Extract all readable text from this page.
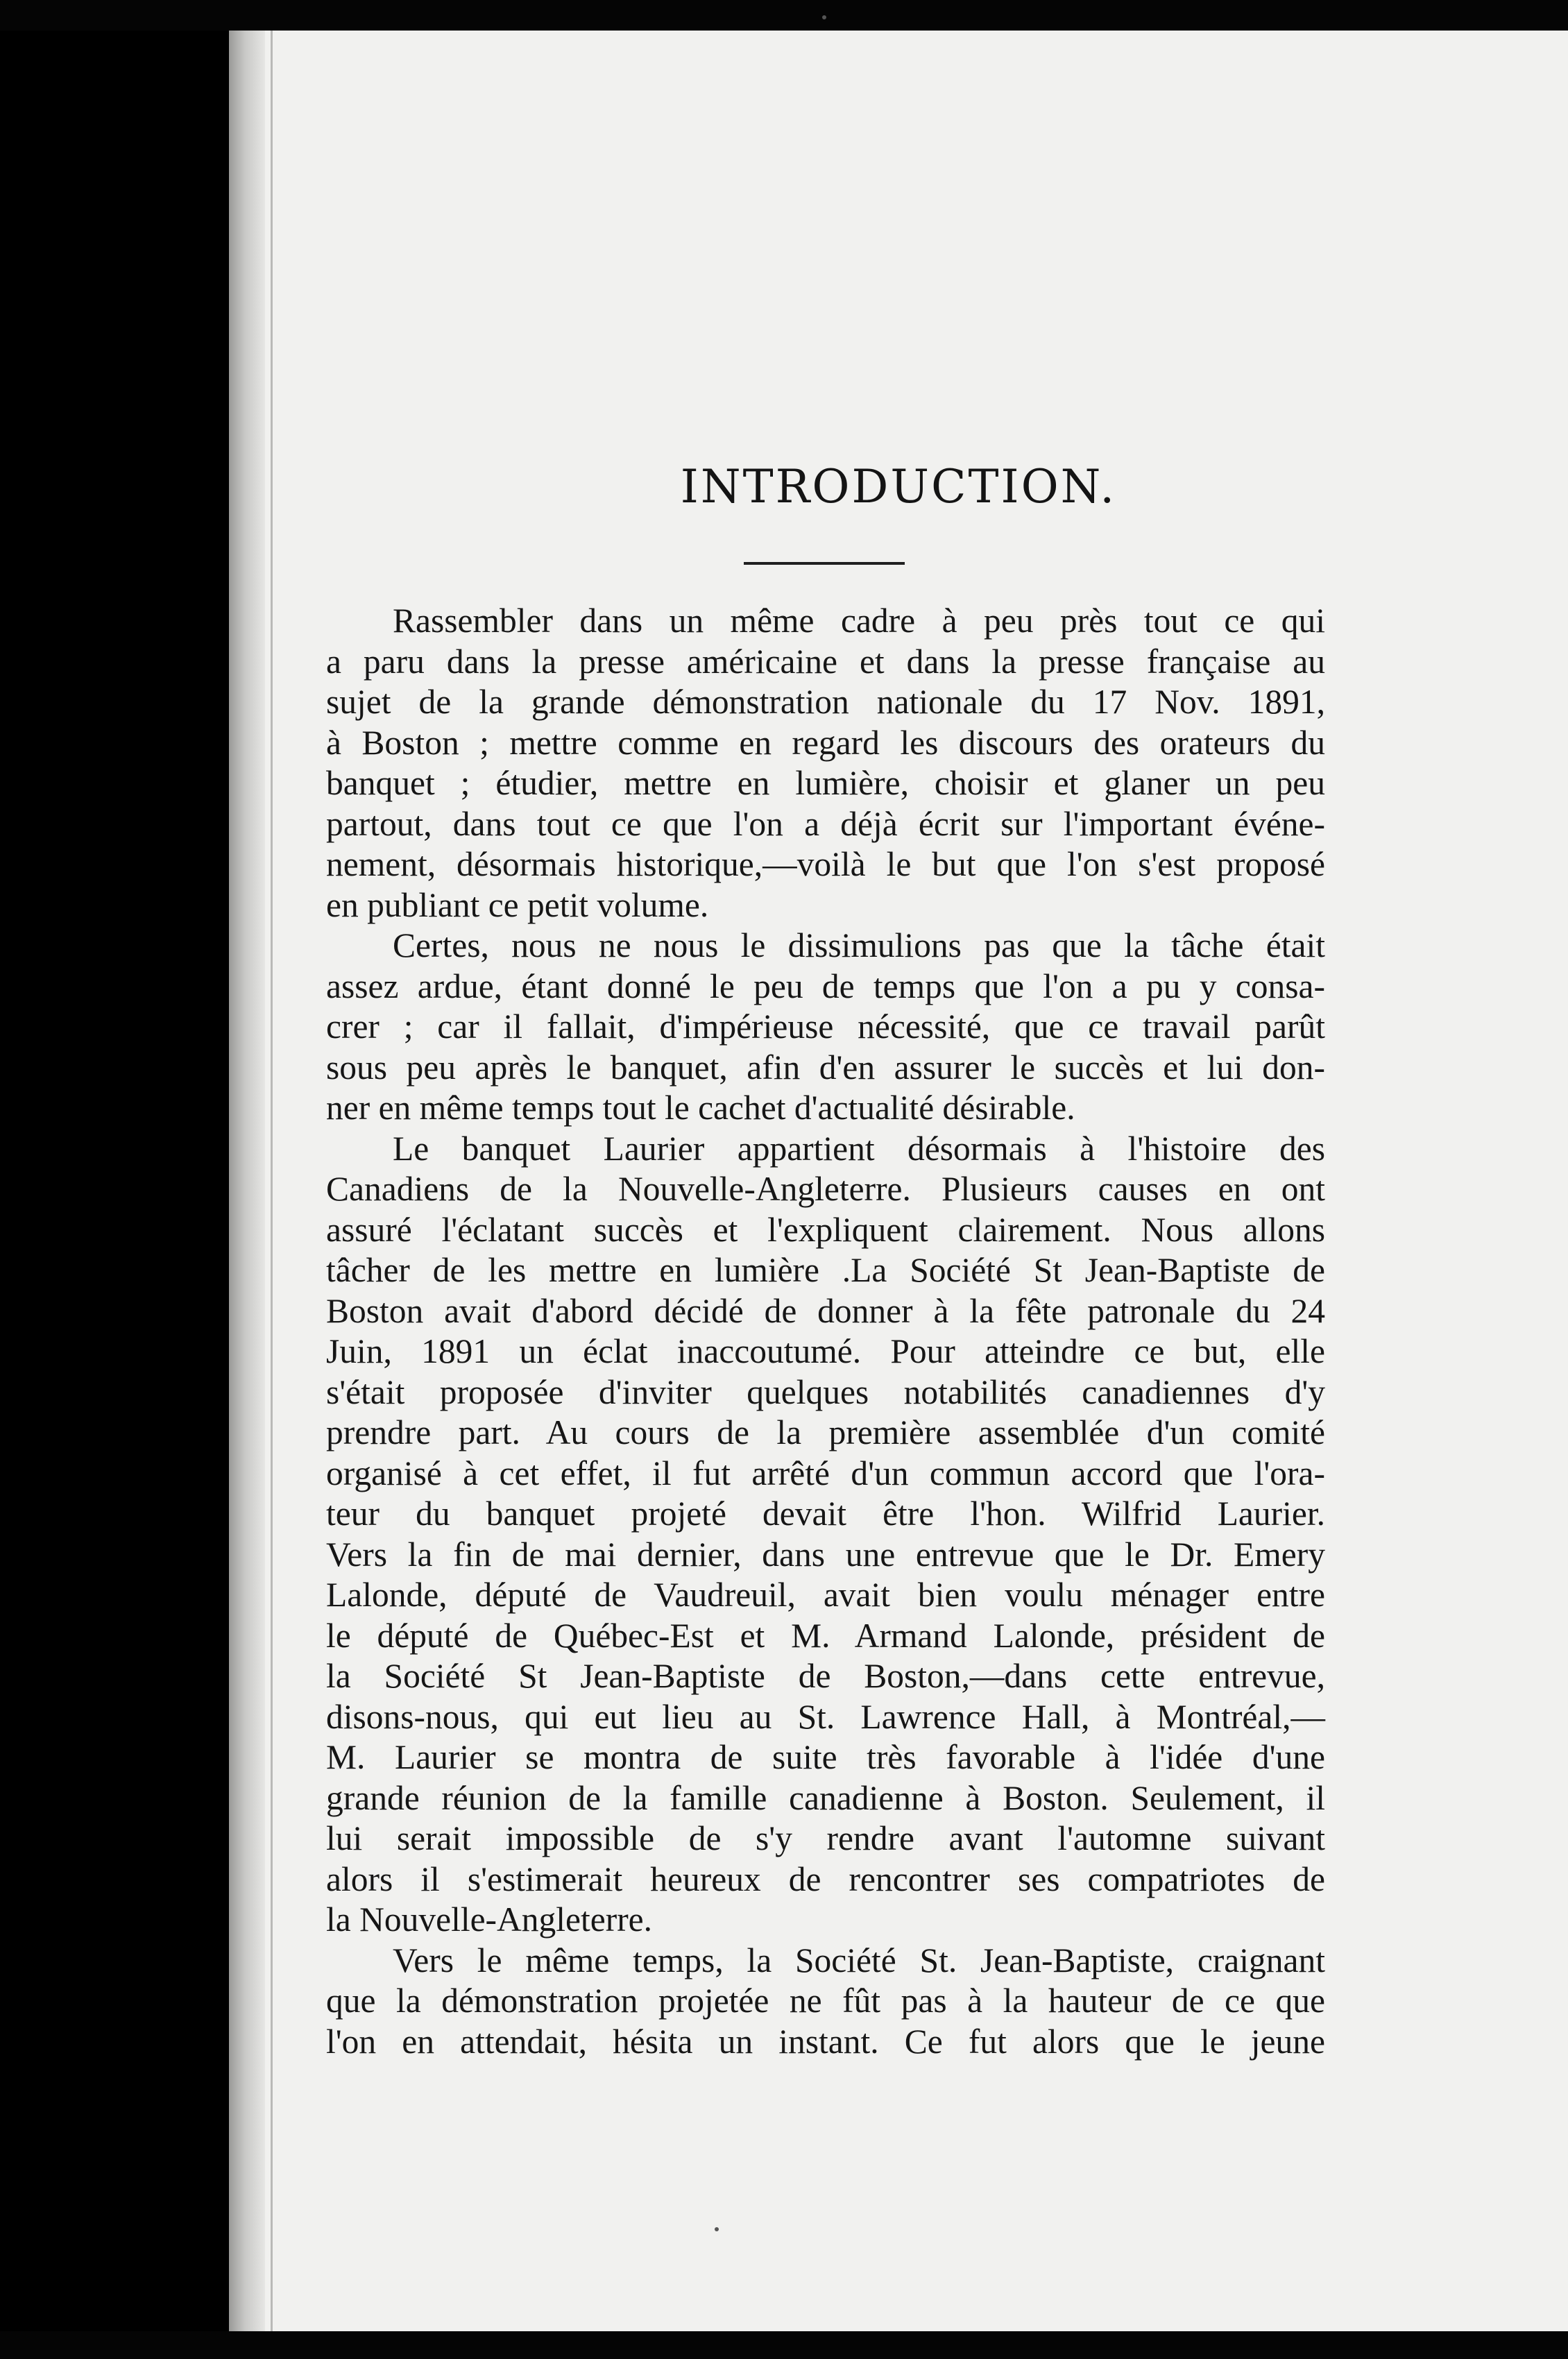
INTRODUCTION.
Rassembler dans un même cadre à peu près tout ce qui
a paru dans la presse américaine et dans la presse française au
sujet de la grande démonstration nationale du 17 Nov. 1891,
à Boston ; mettre comme en regard les discours des orateurs du
banquet ; étudier, mettre en lumière, choisir et glaner un peu
partout, dans tout ce que l'on a déjà écrit sur l'important événe-
nement, désormais historique,—voilà le but que l'on s'est proposé
en publiant ce petit volume.
Certes, nous ne nous le dissimulions pas que la tâche était
assez ardue, étant donné le peu de temps que l'on a pu y consa-
crer ; car il fallait, d'impérieuse nécessité, que ce travail parût
sous peu après le banquet, afin d'en assurer le succès et lui don-
ner en même temps tout le cachet d'actualité désirable.
Le banquet Laurier appartient désormais à l'histoire des
Canadiens de la Nouvelle-Angleterre. Plusieurs causes en ont
assuré l'éclatant succès et l'expliquent clairement. Nous allons
tâcher de les mettre en lumière .La Société St Jean-Baptiste de
Boston avait d'abord décidé de donner à la fête patronale du 24
Juin, 1891 un éclat inaccoutumé. Pour atteindre ce but, elle
s'était proposée d'inviter quelques notabilités canadiennes d'y
prendre part. Au cours de la première assemblée d'un comité
organisé à cet effet, il fut arrêté d'un commun accord que l'ora-
teur du banquet projeté devait être l'hon. Wilfrid Laurier.
Vers la fin de mai dernier, dans une entrevue que le Dr. Emery
Lalonde, député de Vaudreuil, avait bien voulu ménager entre
le député de Québec-Est et M. Armand Lalonde, président de
la Société St Jean-Baptiste de Boston,—dans cette entrevue,
disons-nous, qui eut lieu au St. Lawrence Hall, à Montréal,—
M. Laurier se montra de suite très favorable à l'idée d'une
grande réunion de la famille canadienne à Boston. Seulement, il
lui serait impossible de s'y rendre avant l'automne suivant
alors il s'estimerait heureux de rencontrer ses compatriotes de
la Nouvelle-Angleterre.
Vers le même temps, la Société St. Jean-Baptiste, craignant
que la démonstration projetée ne fût pas à la hauteur de ce que
l'on en attendait, hésita un instant. Ce fut alors que le jeune
